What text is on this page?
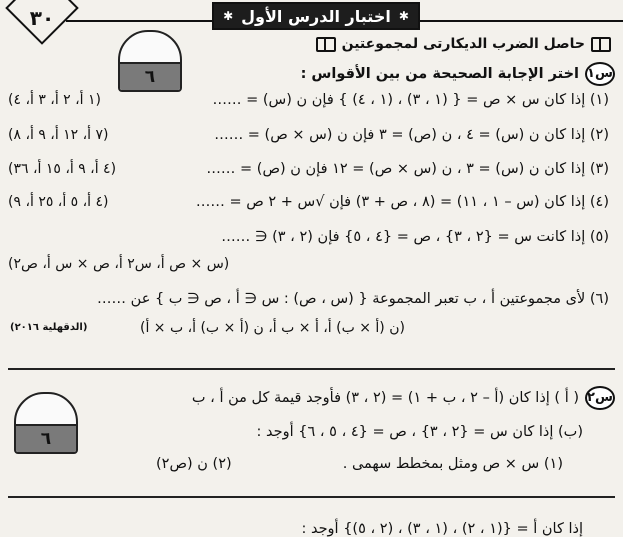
٣٠	✱ اختبار الدرس الأول ✱
٦
حاصل الضرب الديكارتى لمجموعتين
س١
اختر الإجابة الصحيحة من بين الأقواس :
(١) إذا كان س × ص = { (١ ، ٣) ، (١ ، ٤) } فإن ن (س) = ……
(١ أ، ٢ أ، ٣ أ، ٤)
(٢) إذا كان ن (س) = ٤ ، ن (ص) = ٣ فإن ن (س × ص) = ……
(٧ أ، ١٢ أ، ٩ أ، ٨)
(٣) إذا كان ن (س) = ٣ ، ن (س × ص) = ١٢ فإن ن (ص) = ……
(٤ أ، ٩ أ، ١٥ أ، ٣٦)
(٤) إذا كان (س – ١ ، ١١) = (٨ ، ص + ٣) فإن √س + ٢ ص = ……
(٤ أ، ٥ أ، ٢٥ أ، ٩)
(٥) إذا كانت س = {٢ ، ٣} ، ص = {٤ ، ٥} فإن (٢ ، ٣) ∈ ……
(س × ص أ، س٢ أ، ص × س أ، ص٢)
(٦) لأى مجموعتين أ ، ب تعبر المجموعة { (س ، ص) : س ∈ أ ، ص ∈ ب } عن ……
(ن (أ × ب) أ، أ × ب أ، ن (أ × ب) أ، ب × أ)
(الدقهلية ٢٠١٦)
٦
س٢
( أ ) إذا كان (أ – ٢ ، ب + ١) = (٢ ، ٣) فأوجد قيمة كل من أ ، ب
(ب) إذا كان س = {٢ ، ٣} ، ص = {٤ ، ٥ ، ٦} أوجد :
(١) س × ص ومثل بمخطط سهمى .
(٢) ن (ص٢)
إذا كان أ = {(١ ، ٢) ، (١ ، ٣) ، (٢ ، ٥)} أوجد :
